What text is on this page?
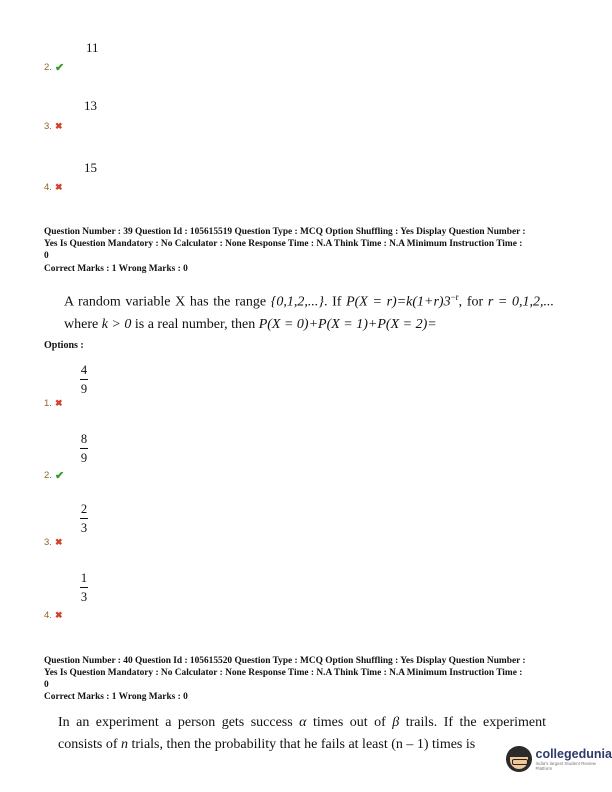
11
2. ✔
13
3. ✖
15
4. ✖
Question Number : 39 Question Id : 105615519 Question Type : MCQ Option Shuffling : Yes Display Question Number :
Yes Is Question Mandatory : No Calculator : None Response Time : N.A Think Time : N.A Minimum Instruction Time :
0
Correct Marks : 1 Wrong Marks : 0
A random variable X has the range {0,1,2,...}. If $P(X = r)=k(1+r)3^{-r}$, for r = 0,1,2,... where k > 0 is a real number, then P(X = 0)+P(X = 1)+P(X = 2)=
Options :
4
9
1. ✖
8
9
2. ✔
2
3
3. ✖
1
3
4. ✖
Question Number : 40 Question Id : 105615520 Question Type : MCQ Option Shuffling : Yes Display Question Number :
Yes Is Question Mandatory : No Calculator : None Response Time : N.A Think Time : N.A Minimum Instruction Time :
0
Correct Marks : 1 Wrong Marks : 0
In an experiment a person gets success α times out of β trails. If the experiment consists of n trials, then the probability that he fails at least (n – 1) times is
collegedunia
India's largest Student Review Platform
